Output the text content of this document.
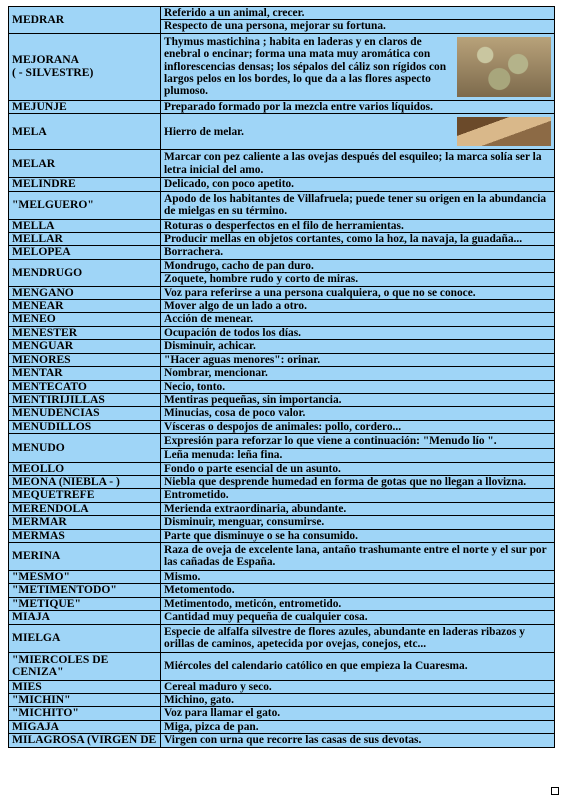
MEDRAR	Referido a un animal, crecer.
	Respecto de una persona, mejorar su fortuna.

MEJORANA
( - SILVESTRE)	Thymus mastichina ; habita en laderas y en claros de enebral o encinar; forma una mata muy aromática con inflorescencias densas; los sépalos del cáliz son rígidos con largos pelos en los bordes, lo que da a las flores aspecto plumoso.

MEJUNJE	Preparado formado por la mezcla entre varios líquidos.

MELA	Hierro de melar.

MELAR	Marcar con pez caliente a las ovejas después del esquileo; la marca solía ser la letra inicial del amo.

MELINDRE	Delicado, con poco apetito.

"MELGUERO"	Apodo de los habitantes de Villafruela; puede tener su origen en la abundancia de mielgas en su término.

MELLA	Roturas o desperfectos en el filo de herramientas.

MELLAR	Producir mellas en objetos cortantes, como la hoz, la navaja, la guadaña...

MELOPEA	Borrachera.

MENDRUGO	Mondrugo, cacho de pan duro.
	Zoquete, hombre rudo y corto de miras.

MENGANO	Voz para referirse a una persona cualquiera, o que no se conoce.

MENEAR	Mover algo de un lado a otro.

MENEO	Acción de menear.

MENESTER	Ocupación de todos los días.

MENGUAR	Disminuir, achicar.

MENORES	"Hacer aguas menores": orinar.

MENTAR	Nombrar, mencionar.

MENTECATO	Necio, tonto.

MENTIRIJILLAS	Mentiras pequeñas, sin importancia.

MENUDENCIAS	Minucias, cosa de poco valor.

MENUDILLOS	Vísceras o despojos de animales: pollo, cordero...

MENUDO	Expresión para reforzar lo que viene a continuación: "Menudo lío ".
	Leña menuda: leña fina.

MEOLLO	Fondo o parte esencial de un asunto.

MEONA (NIEBLA - )	Niebla que desprende humedad en forma de gotas que no llegan a llovizna.

MEQUETREFE	Entrometido.

MERENDOLA	Merienda extraordinaria, abundante.

MERMAR	Disminuir, menguar, consumirse.

MERMAS	Parte que disminuye o se ha consumido.

MERINA	Raza de oveja de excelente lana, antaño trashumante entre el norte y el sur por las cañadas de España.

"MESMO"	Mismo.

"METIMENTODO"	Metomentodo.

"METIQUE"	Metimentodo, meticón, entrometido.

MIAJA	Cantidad muy pequeña de cualquier cosa.

MIELGA	Especie de alfalfa silvestre de flores azules, abundante en laderas ribazos y orillas de caminos, apetecida por ovejas, conejos, etc...

"MIERCOLES DE
CENIZA"	Miércoles del calendario católico en que empieza la Cuaresma.

MIES	Cereal maduro y seco.

"MICHIN"	Michino, gato.

"MICHITO"	Voz para llamar el gato.

MIGAJA	Miga, pizca de pan.

MILAGROSA (VIRGEN DE	Virgen con urna que recorre las casas de sus devotas.
